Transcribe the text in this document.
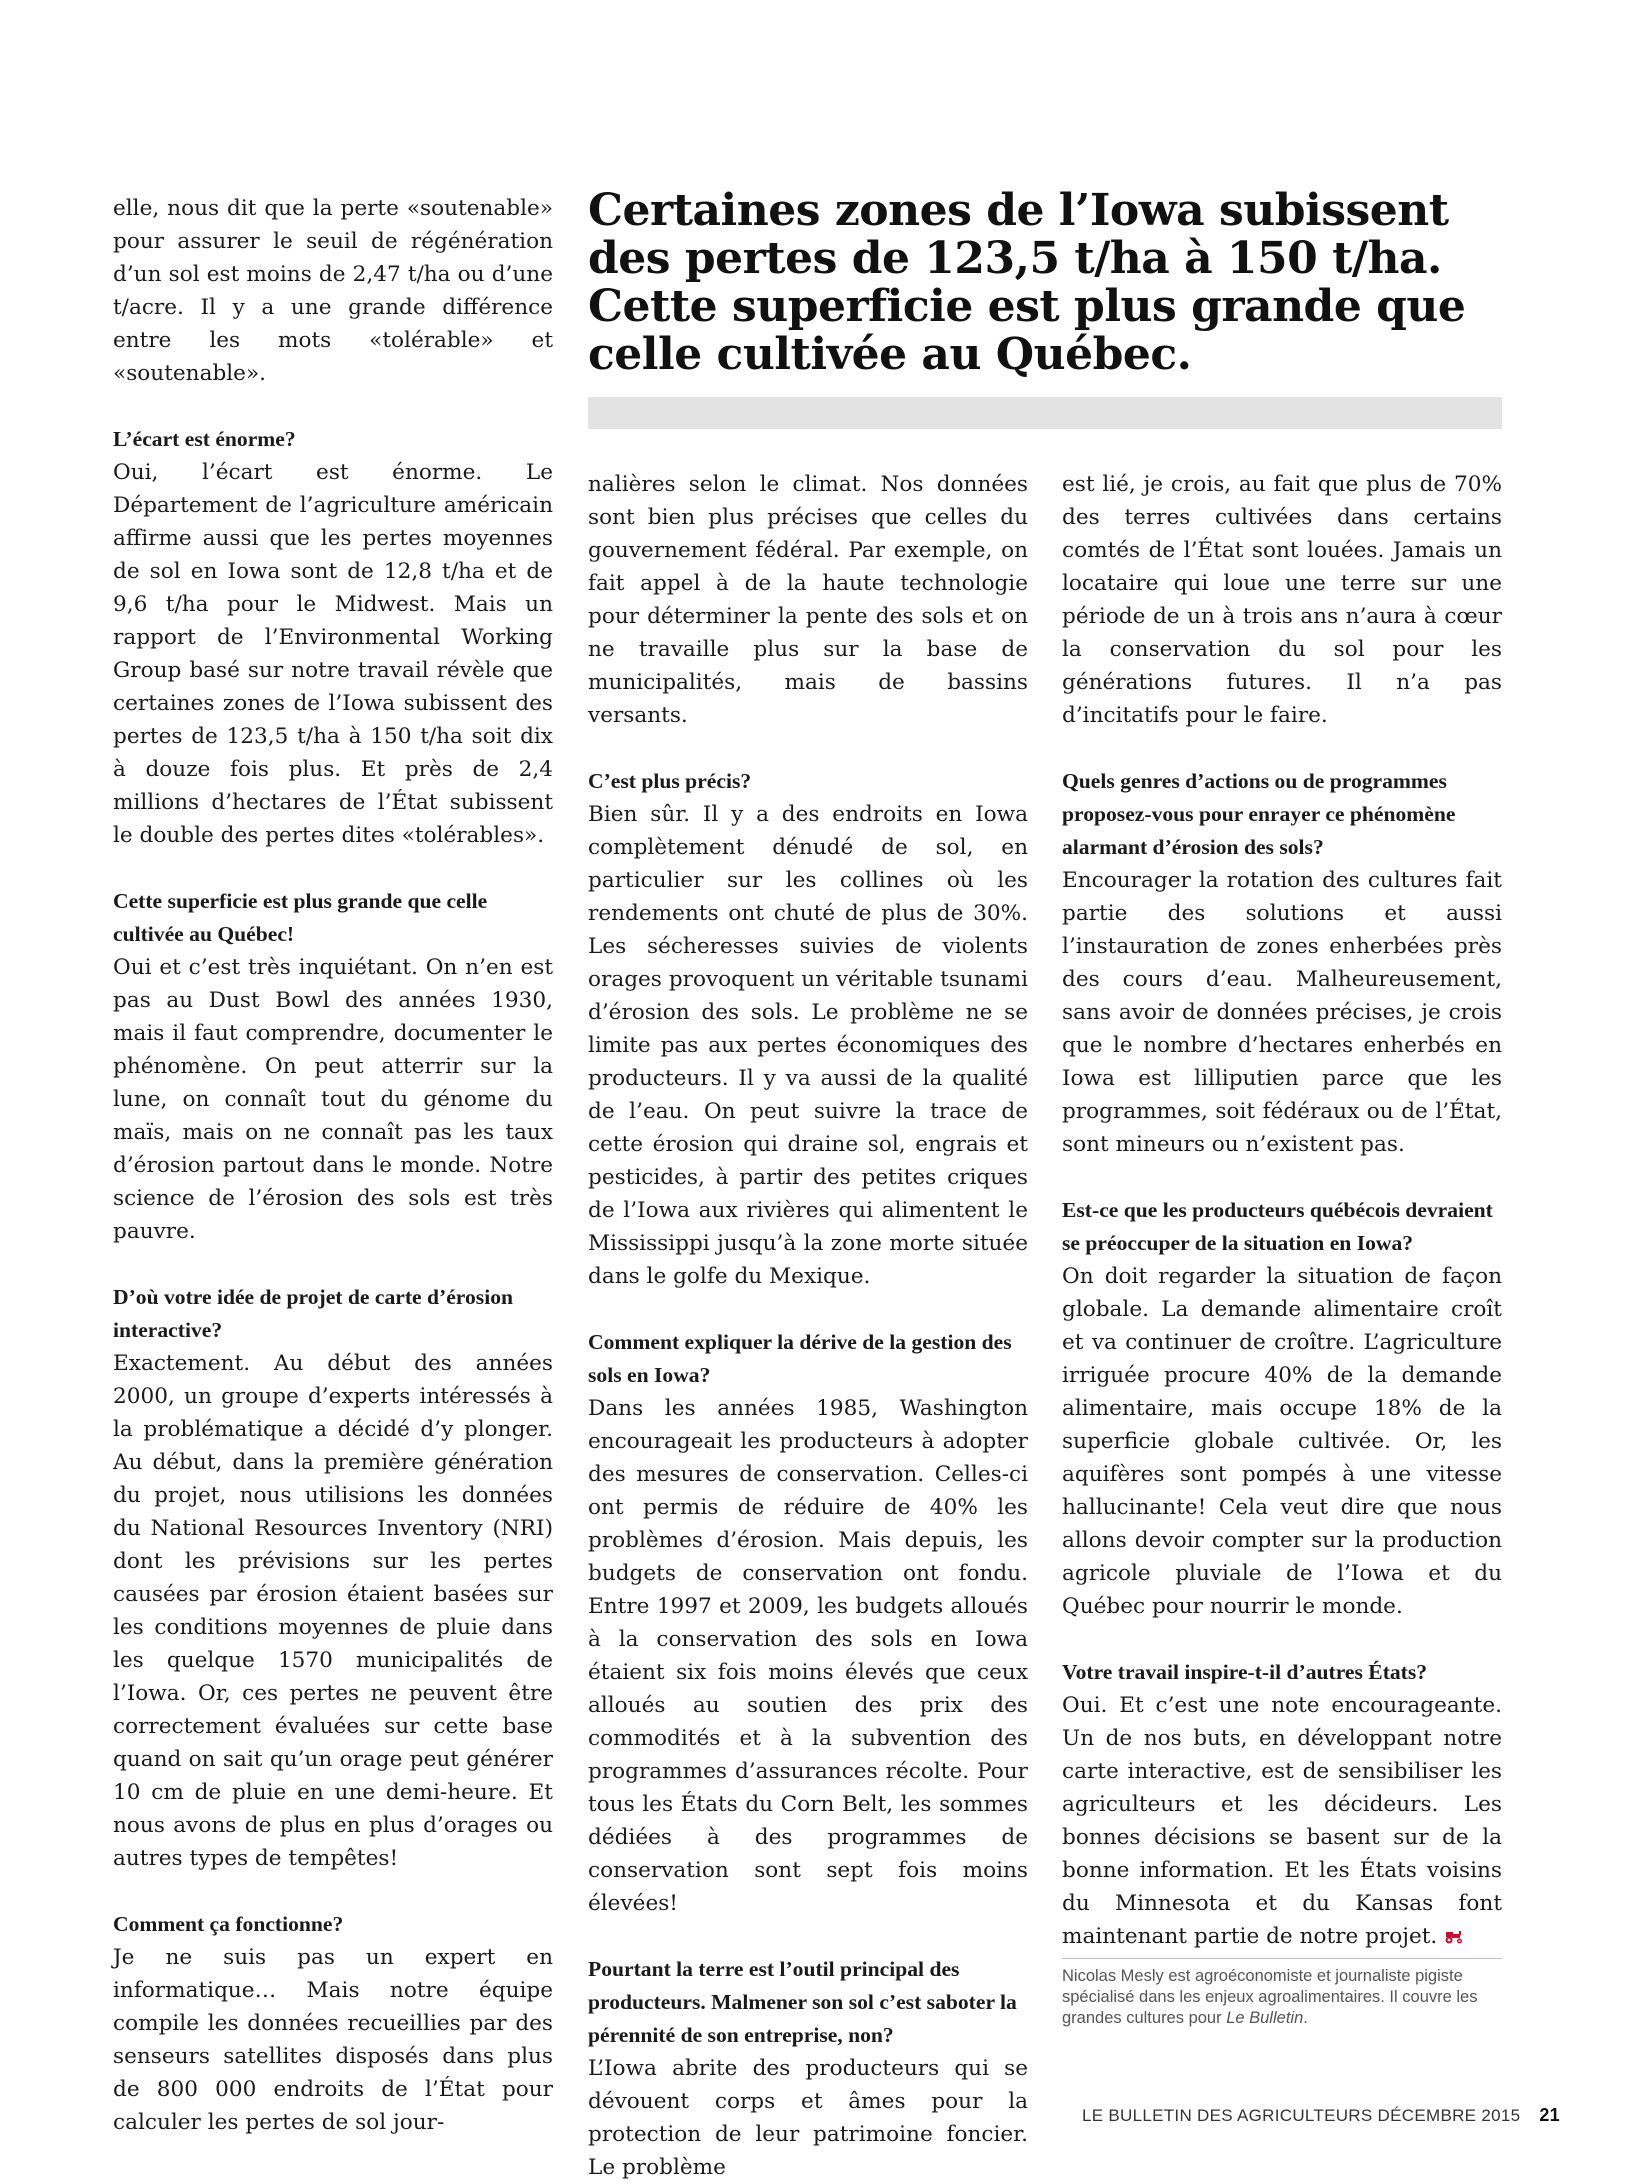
elle, nous dit que la perte «soutenable» pour assurer le seuil de régénération d’un sol est moins de 2,47 t/ha ou d’une t/acre. Il y a une grande différence entre les mots «tolérable» et «soutenable».

L’écart est énorme?

Oui, l’écart est énorme. Le Département de l’agriculture américain affirme aussi que les pertes moyennes de sol en Iowa sont de 12,8 t/ha et de 9,6 t/ha pour le Midwest. Mais un rapport de l’Environmental Working Group basé sur notre travail révèle que certaines zones de l’Iowa subissent des pertes de 123,5 t/ha à 150 t/ha soit dix à douze fois plus. Et près de 2,4 millions d’hectares de l’État subissent le double des pertes dites «tolérables».

Cette superficie est plus grande que celle cultivée au Québec!

Oui et c’est très inquiétant. On n’en est pas au Dust Bowl des années 1930, mais il faut comprendre, documenter le phénomène. On peut atterrir sur la lune, on connaît tout du génome du maïs, mais on ne connaît pas les taux d’érosion partout dans le monde. Notre science de l’érosion des sols est très pauvre.

D’où votre idée de projet de carte d’érosion interactive?

Exactement. Au début des années 2000, un groupe d’experts intéressés à la problématique a décidé d’y plonger. Au début, dans la première génération du projet, nous utilisions les données du National Resources Inventory (NRI) dont les prévisions sur les pertes causées par érosion étaient basées sur les conditions moyennes de pluie dans les quelque 1570 municipalités de l’Iowa. Or, ces pertes ne peuvent être correctement évaluées sur cette base quand on sait qu’un orage peut générer 10 cm de pluie en une demi-heure. Et nous avons de plus en plus d’orages ou autres types de tempêtes!

Comment ça fonctionne?

Je ne suis pas un expert en informatique… Mais notre équipe compile les données recueillies par des senseurs satellites disposés dans plus de 800 000 endroits de l’État pour calculer les pertes de sol jour-

Certaines zones de l’Iowa subissent des pertes de 123,5 t/ha à 150 t/ha. Cette superficie est plus grande que celle cultivée au Québec.

nalières selon le climat. Nos données sont bien plus précises que celles du gouvernement fédéral. Par exemple, on fait appel à de la haute technologie pour déterminer la pente des sols et on ne travaille plus sur la base de municipalités, mais de bassins versants.

C’est plus précis?

Bien sûr. Il y a des endroits en Iowa complètement dénudé de sol, en particulier sur les collines où les rendements ont chuté de plus de 30%. Les sécheresses suivies de violents orages provoquent un véritable tsunami d’érosion des sols. Le problème ne se limite pas aux pertes économiques des producteurs. Il y va aussi de la qualité de l’eau. On peut suivre la trace de cette érosion qui draine sol, engrais et pesticides, à partir des petites criques de l’Iowa aux rivières qui alimentent le Mississippi jusqu’à la zone morte située dans le golfe du Mexique.

Comment expliquer la dérive de la gestion des sols en Iowa?

Dans les années 1985, Washington encourageait les producteurs à adopter des mesures de conservation. Celles-ci ont permis de réduire de 40% les problèmes d’érosion. Mais depuis, les budgets de conservation ont fondu. Entre 1997 et 2009, les budgets alloués à la conservation des sols en Iowa étaient six fois moins élevés que ceux alloués au soutien des prix des commodités et à la subvention des programmes d’assurances récolte. Pour tous les États du Corn Belt, les sommes dédiées à des programmes de conservation sont sept fois moins élevées!

Pourtant la terre est l’outil principal des producteurs. Malmener son sol c’est saboter la pérennité de son entreprise, non?

L’Iowa abrite des producteurs qui se dévouent corps et âmes pour la protection de leur patrimoine foncier. Le problème

est lié, je crois, au fait que plus de 70% des terres cultivées dans certains comtés de l’État sont louées. Jamais un locataire qui loue une terre sur une période de un à trois ans n’aura à cœur la conservation du sol pour les générations futures. Il n’a pas d’incitatifs pour le faire.

Quels genres d’actions ou de programmes proposez-vous pour enrayer ce phénomène alarmant d’érosion des sols?

Encourager la rotation des cultures fait partie des solutions et aussi l’instauration de zones enherbées près des cours d’eau. Malheureusement, sans avoir de données précises, je crois que le nombre d’hectares enherbés en Iowa est lilliputien parce que les programmes, soit fédéraux ou de l’État, sont mineurs ou n’existent pas.

Est-ce que les producteurs québécois devraient se préoccuper de la situation en Iowa?

On doit regarder la situation de façon globale. La demande alimentaire croît et va continuer de croître. L’agriculture irriguée procure 40% de la demande alimentaire, mais occupe 18% de la superficie globale cultivée. Or, les aquifères sont pompés à une vitesse hallucinante! Cela veut dire que nous allons devoir compter sur la production agricole pluviale de l’Iowa et du Québec pour nourrir le monde.

Votre travail inspire-t-il d’autres États?

Oui. Et c’est une note encourageante. Un de nos buts, en développant notre carte interactive, est de sensibiliser les agriculteurs et les décideurs. Les bonnes décisions se basent sur de la bonne information. Et les États voisins du Minnesota et du Kansas font maintenant partie de notre projet.

Nicolas Mesly est agroéconomiste et journaliste pigiste spécialisé dans les enjeux agroalimentaires. Il couvre les grandes cultures pour Le Bulletin.
LE BULLETIN DES AGRICULTEURS DÉCEMBRE 2015 21
